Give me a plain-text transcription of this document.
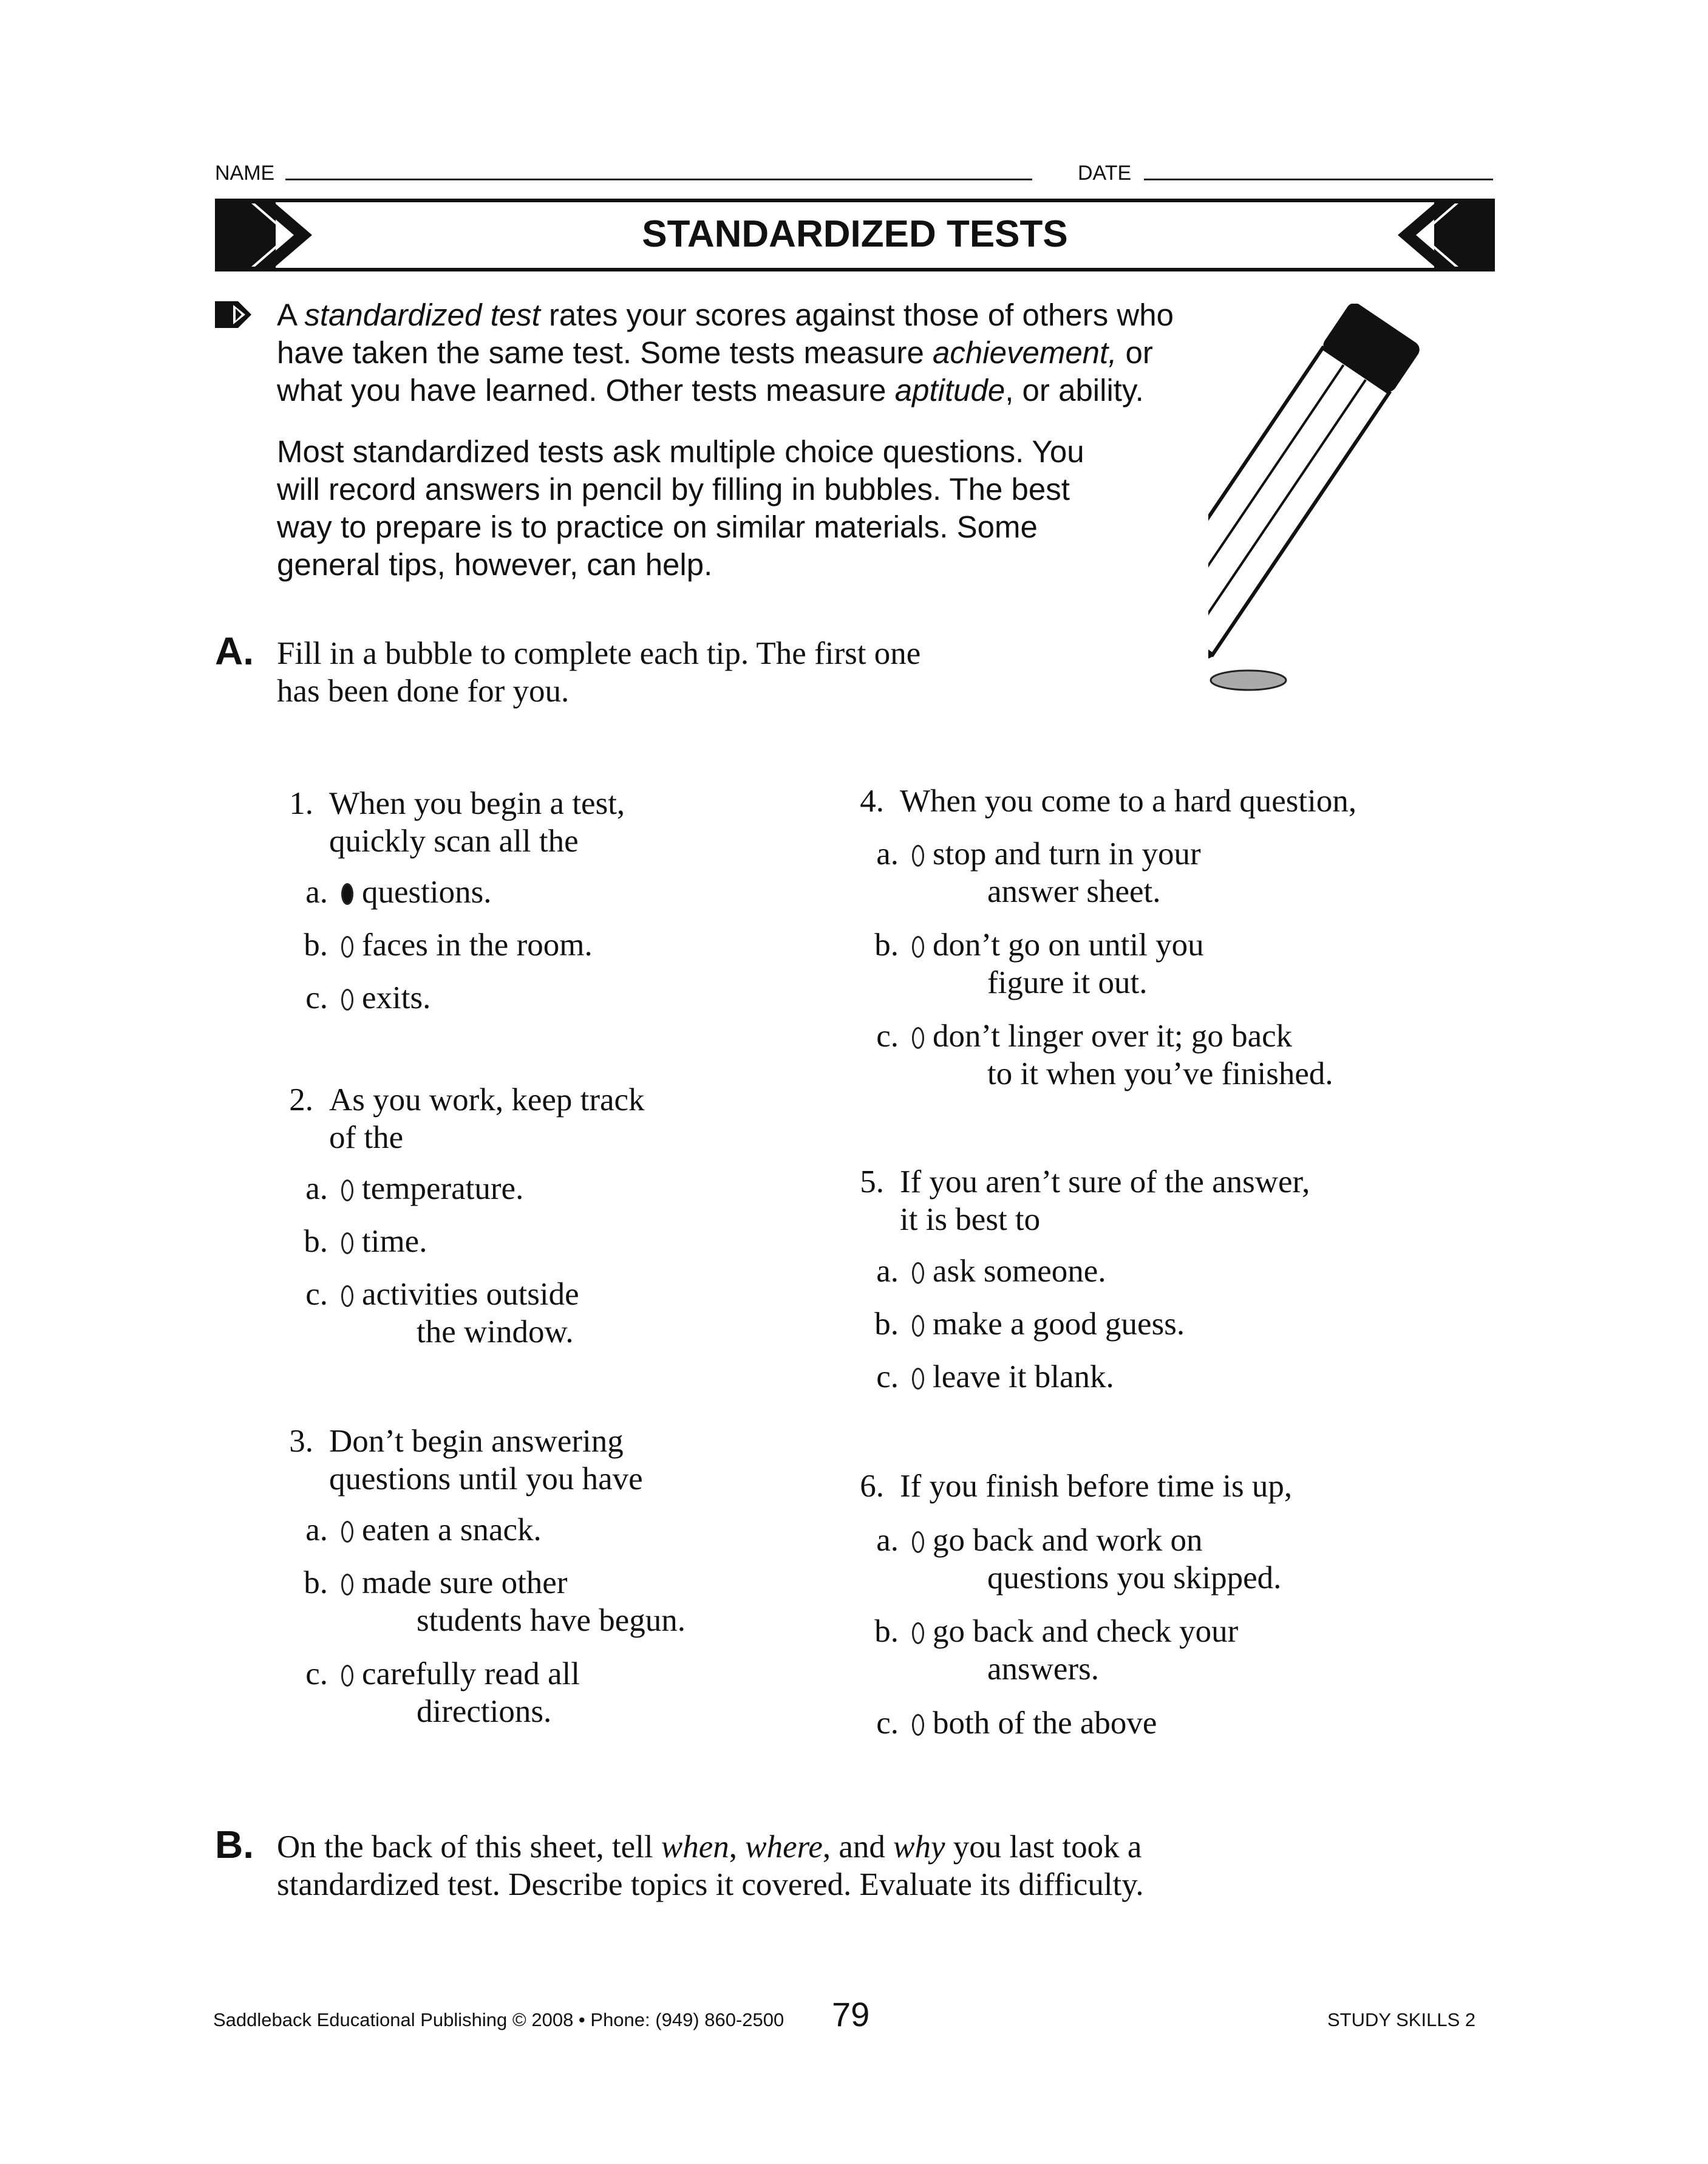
NAME	DATE
STANDARDIZED TESTS
A standardized test rates your scores against those of others who
have taken the same test. Some tests measure achievement, or
what you have learned. Other tests measure aptitude, or ability.
Most standardized tests ask multiple choice questions. You
will record answers in pencil by filling in bubbles. The best
way to prepare is to practice on similar materials. Some
general tips, however, can help.
A. Fill in a bubble to complete each tip. The first one
has been done for you.
1. When you begin a test,
quickly scan all the
a. questions.
b. faces in the room.
c. exits.
2. As you work, keep track
of the
a. temperature.
b. time.
c. activities outside
the window.
3. Don’t begin answering
questions until you have
a. eaten a snack.
b. made sure other
students have begun.
c. carefully read all
directions.
4. When you come to a hard question,
a. stop and turn in your
answer sheet.
b. don’t go on until you
figure it out.
c. don’t linger over it; go back
to it when you’ve finished.
5. If you aren’t sure of the answer,
it is best to
a. ask someone.
b. make a good guess.
c. leave it blank.
6. If you finish before time is up,
a. go back and work on
questions you skipped.
b. go back and check your
answers.
c. both of the above
B. On the back of this sheet, tell when, where, and why you last took a
standardized test. Describe topics it covered. Evaluate its difficulty.
Saddleback Educational Publishing © 2008 • Phone: (949) 860-2500 79	STUDY SKILLS 2
